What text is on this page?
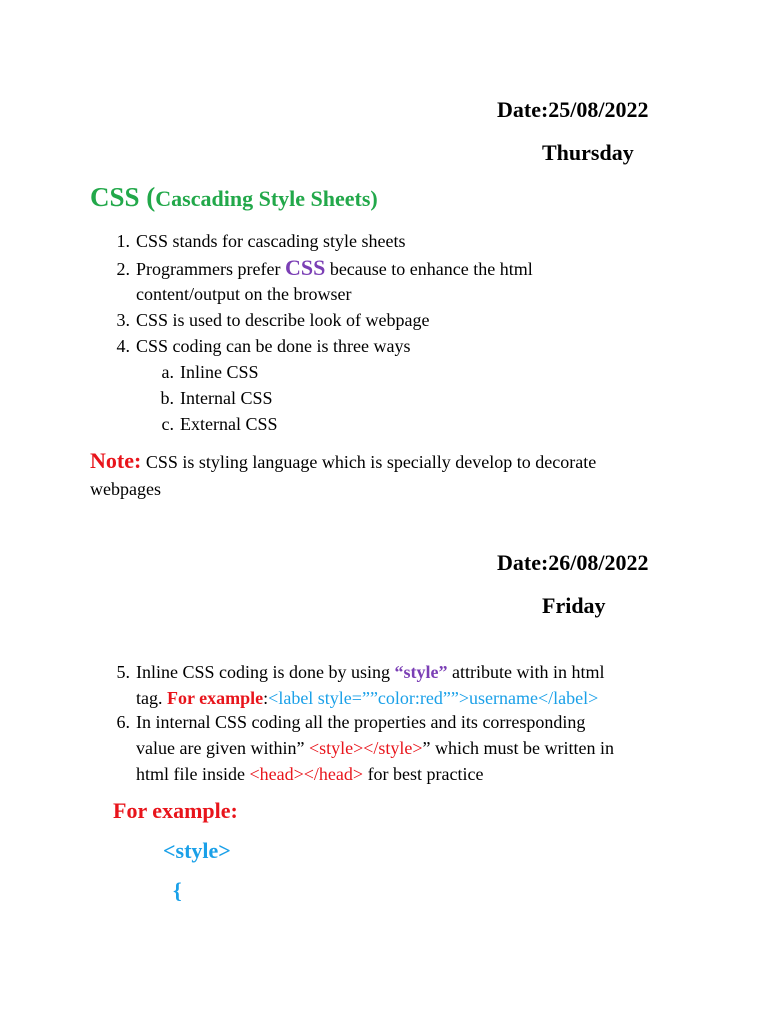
Date:25/08/2022
Thursday
CSS (Cascading Style Sheets)
1. CSS stands for cascading style sheets
2. Programmers prefer CSS because to enhance the html
content/output on the browser
3. CSS is used to describe look of webpage
4. CSS coding can be done is three ways
a. Inline CSS
b. Internal CSS
c. External CSS
Note: CSS is styling language which is specially develop to decorate
webpages
Date:26/08/2022
Friday
5. Inline CSS coding is done by using “style” attribute with in html
tag. For example:<label style=””color:red””>username</label>
6. In internal CSS coding all the properties and its corresponding
value are given within” <style></style>” which must be written in
html file inside <head></head> for best practice
For example:
<style>
{
